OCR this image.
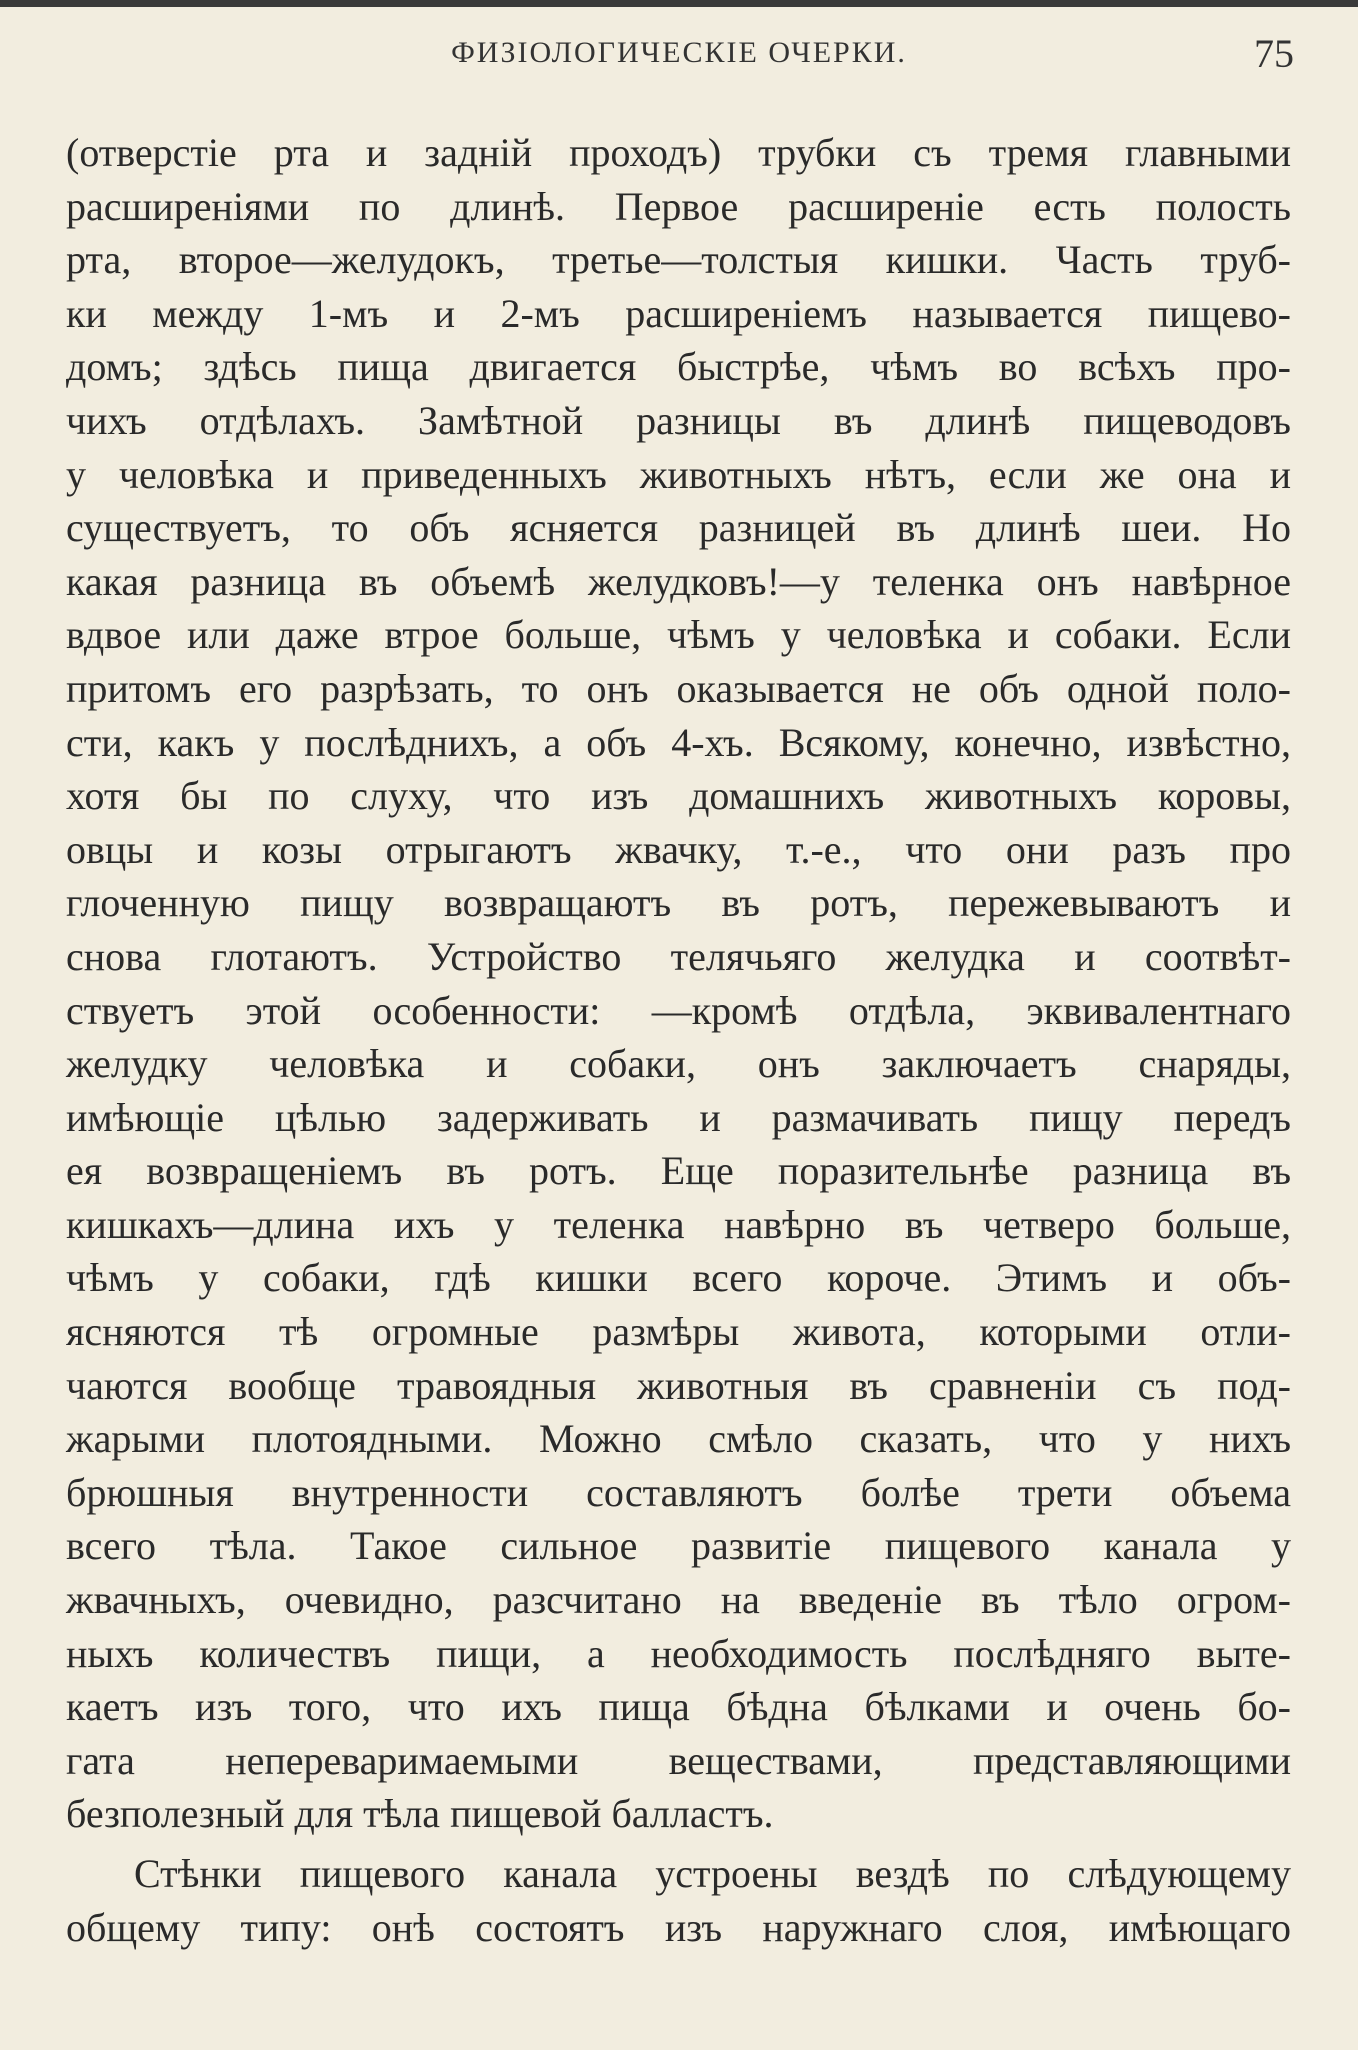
ФИЗІОЛОГИЧЕСКІЕ ОЧЕРКИ.	75
(отверстіе рта и задній проходъ) трубки съ тремя главными
расширеніями по длинѣ. Первое расширеніе есть полость
рта, второе—желудокъ, третье—толстыя кишки. Часть труб-
ки между 1-мъ и 2-мъ расширеніемъ называется пищево-
домъ; здѣсь пища двигается быстрѣе, чѣмъ во всѣхъ про-
чихъ отдѣлахъ. Замѣтной разницы въ длинѣ пищеводовъ
у человѣка и приведенныхъ животныхъ нѣтъ, если же она и
существуетъ, то объ ясняется разницей въ длинѣ шеи. Но
какая разница въ объемѣ желудковъ!—у теленка онъ навѣрное
вдвое или даже втрое больше, чѣмъ у человѣка и собаки. Если
притомъ его разрѣзать, то онъ оказывается не объ одной поло-
сти, какъ у послѣднихъ, а объ 4-хъ. Всякому, конечно, извѣстно,
хотя бы по слуху, что изъ домашнихъ животныхъ коровы,
овцы и козы отрыгаютъ жвачку, т.-е., что они разъ про
глоченную пищу возвращаютъ въ ротъ, пережевываютъ и
снова глотаютъ. Устройство телячьяго желудка и соотвѣт-
ствуетъ этой особенности: —кромѣ отдѣла, эквивалентнаго
желудку человѣка и собаки, онъ заключаетъ снаряды,
имѣющіе цѣлью задерживать и размачивать пищу передъ
ея возвращеніемъ въ ротъ. Еще поразительнѣе разница въ
кишкахъ—длина ихъ у теленка навѣрно въ четверо больше,
чѣмъ у собаки, гдѣ кишки всего короче. Этимъ и объ-
ясняются тѣ огромные размѣры живота, которыми отли-
чаются вообще травоядныя животныя въ сравненіи съ под-
жарыми плотоядными. Можно смѣло сказать, что у нихъ
брюшныя внутренности составляютъ болѣе трети объема
всего тѣла. Такое сильное развитіе пищевого канала у
жвачныхъ, очевидно, разсчитано на введеніе въ тѣло огром-
ныхъ количествъ пищи, а необходимость послѣдняго выте-
каетъ изъ того, что ихъ пища бѣдна бѣлками и очень бо-
гата непереваримаемыми веществами, представляющими
безполезный для тѣла пищевой балластъ.
Стѣнки пищевого канала устроены вездѣ по слѣдующему
общему типу: онѣ состоятъ изъ наружнаго слоя, имѣющаго
